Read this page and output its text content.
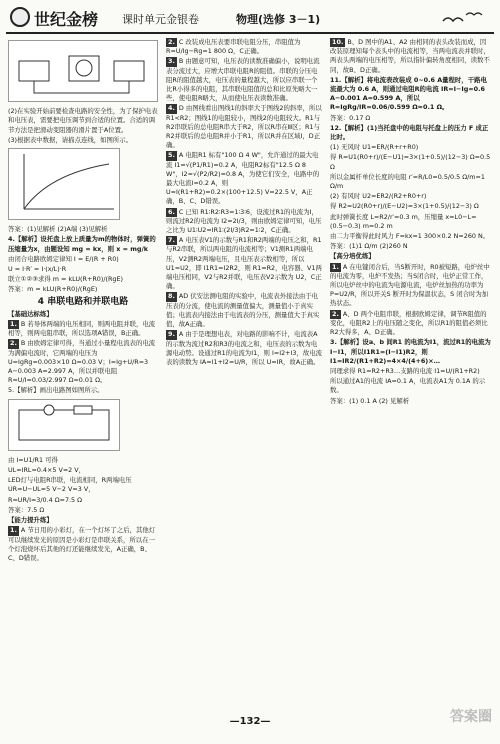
世纪金榜 课时单元金银卷	物理(选修 3－1)

(2)在实验开始前要检查电路的安全性，为了保护电表和电压表，需要把电压调节到合适的位置。合适的调节方法是把滑动变阻器的滑片置于A位置。

(3)根据表中数据，请描点连线，如图所示。

答案：(1)见解析 (2)A端 (3)见解析

4.【解析】设托盘上放上质量为m的物体时，弹簧的压缩量为x，由题设知 mg = kx，则 x = mg/k

由闭合电路欧姆定律知 I = E/(R + R0)

U = I·R′ = I·(x/L)·R

联立①②③求得 m = kLU(R+R0)/(RgE)

答案：m = kLU(R+R0)/(RgE)

4 串联电路和并联电路

【基础达标练】

1. B 若导体两端的电压相同，则两电阻并联，电流相等，则两电阻串联，所以选项A错误，B正确。

2. B 由欧姆定律可得，当通过小量程电流表的电流为满偏电流时，它两端的电压为 U=IgRg=0.003×10 Ω=0.03 V；I=Ig+U/R=3 A−0.003 A=2.997 A，所以并联电阻 R=U/I=0.03/2.997 Ω=0.01 Ω。

5.【解析】画出电路图如图所示。

由 I=U1/R1 可得

UL=IRL=0.4×5 V=2 V，

LED灯与电阻R串联，电流相同，R两端电压 UR=U−UL=5 V−2 V=3 V，

R=UR/I=3/0.4 Ω=7.5 Ω

答案：7.5 Ω

【能力提升练】

1. A 节日用的小彩灯，在一个灯坏了之后，其他灯可以继续发光的原因是小彩灯是串联关系，所以在一个灯泡烧坏后其他的灯还能继续发光，A正确，B、C、D错误。

2. C 改装成电压表要串联电阻分压，串阻值为 R=U/Ig−Rg=1 800 Ω，C正确。

3. B 由题意可知，电压表的读数准确偏小，说明电流表分流过大，应增大串联电阻R的阻值。串联的分压电阻R的阻值越大，电压表的量程越大，所以应串联一个比R小得多的电阻，其串联电阻值的总和比原先略大一些，使电阻R略大，从而使电压表读数准确。

4. D 由图线看出图线1的斜率大于图线2的斜率，所以R1<R2；图线1的电阻较小，图线2的电阻较大。R1与R2串联后的总电阻R串大于R2，所以R串在Ⅲ区；R1与R2并联后的总电阻R并小于R1，所以R并在区域Ⅰ，D正确。

5. A 电阻R1 标有"100 Ω 4 W"，允许通过的最大电流 I1=√(P1/R1)=0.2 A，电阻R2标有"12.5 Ω 8 W"，I2=√(P2/R2)=0.8 A，为使它们安全，电路中的最大电流I=0.2 A，则 U=I(R1+R2)=0.2×(100+12.5) V=22.5 V，A正确，B、C、D错误。

6. C 已知 R1∶R2∶R3=1∶3∶6，设流过R1的电流为I，则流过R2的电流为 I2=2I/3，则由欧姆定律可知，电压之比为 U1∶U2=IR1∶(2I/3)R2=1∶2，C正确。

7. A 电压表V1的示数与R1和R2两端的电压之和，R1与R2串联，所以两电阻的电流相等；V1测R1两端电压，V2测R2两端电压，且电压表示数相等，所以 U1=U2，即 I1R1=I2R2，则 R1=R2，电容器、V1两端电压相同，V2与R2并联，电压表V2示数为 U2，C正确。

8. AD 伏安法测电阻的实验中，电流表外接法由于电压表的分流，使电流的测量值偏大，测量值小于真实值；电流表内接法由于电流表的分压，测量值大于真实值，故A正确。

9. A 由于是理想电表，对电路的影响不计，电流表A的示数为流过R2和R3的电流之和，电压表的示数为电源电动势。设通过R1的电流为I1，则 I=I2+I3，故电流表的读数为 IA=I1+I2=U/R，所以 U=IR，故A正确。

10. B、D 图中的A1、A2 由相同的表头改装而成，因改装原理知每个表头中的电流相等，当两电流表并联时，两表头两端的电压相等，所以指针偏转角度相同，读数不同，故B、D正确。

11.【解析】将电流表改装成 0~0.6 A量程时，干路电流最大为 0.6 A，则通过电阻R的电流 IR=I−Ig=0.6 A−0.001 A=0.599 A，所以 R=IgRg/IR=0.06/0.599 Ω≈0.1 Ω。

答案：0.17 Ω

12.【解析】(1)当托盘中的电阻与托盘上的压力 F 成正比时。

(1) 无风时 U1=ER/(R+r+R0)

得 R=U1(R0+r)/(E−U1)=3×(1+0.5)/(12−3) Ω=0.5 Ω

所以金属杆单位长度的电阻 r′=R/L0=0.5/0.5 Ω/m=1 Ω/m

(2) 有风时 U2=ER2/(R2+R0+r)

得 R2=U2(R0+r)/(E−U2)=3×(1+0.5)/(12−3) Ω

此时弹簧长度 L=R2/r′=0.3 m，压缩量 x=L0−L=(0.5−0.3) m=0.2 m

由二力平衡得此时风力 F=kx=1 300×0.2 N=260 N。

答案：(1)1 Ω/m (2)260 N

【高分培优练】

1. A 在电键闭合后，当S断开时，R0被短路，电炉丝中的电流为零，电炉不发热；当S闭合时，电炉正常工作，所以电炉丝中的电流为电源电流，电炉丝加热的功率为 P=U2/R，所以开关S 断开时为保温状态，S 闭合时为加热状态。

2. A、D 两个电阻串联，根据欧姆定律，调节R阻值的变化，电阻R2上的电压随之变化，所以R1的阻值必须比R2大得多，A、D正确。

3.【解析】设a、b 间R1 的电流为I1，流过R1的电流为 I−I1，所以I1R1=(I−I1)R2，则 I1=IR2/(R1+R2)=4×4/(4+6)×…

同理求得 R1=R2+R3…支路的电流 I1=U/(R1+R2)

所以通过A1的电流 IA=0.1 A，电流表A1为 0.1A 的示数。

答案：(1) 0.1 A (2) 见解析

—132—	答案圈
